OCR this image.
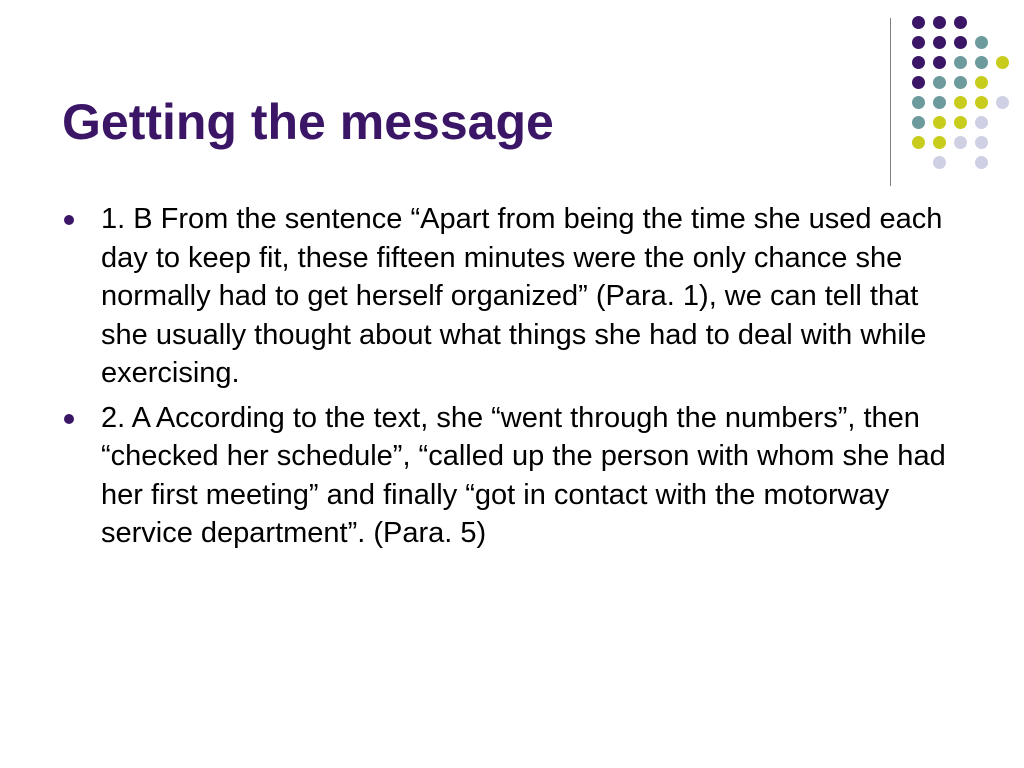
Getting the message
1. B From the sentence “Apart from being the time she used each day to keep fit, these fifteen minutes were the only chance she normally had to get herself organized” (Para. 1), we can tell that she usually thought about what things she had to deal with while exercising.
2. A According to the text, she “went through the numbers”, then “checked her schedule”, “called up the person with whom she had her first meeting” and finally “got in contact with the motorway service department”. (Para. 5)
